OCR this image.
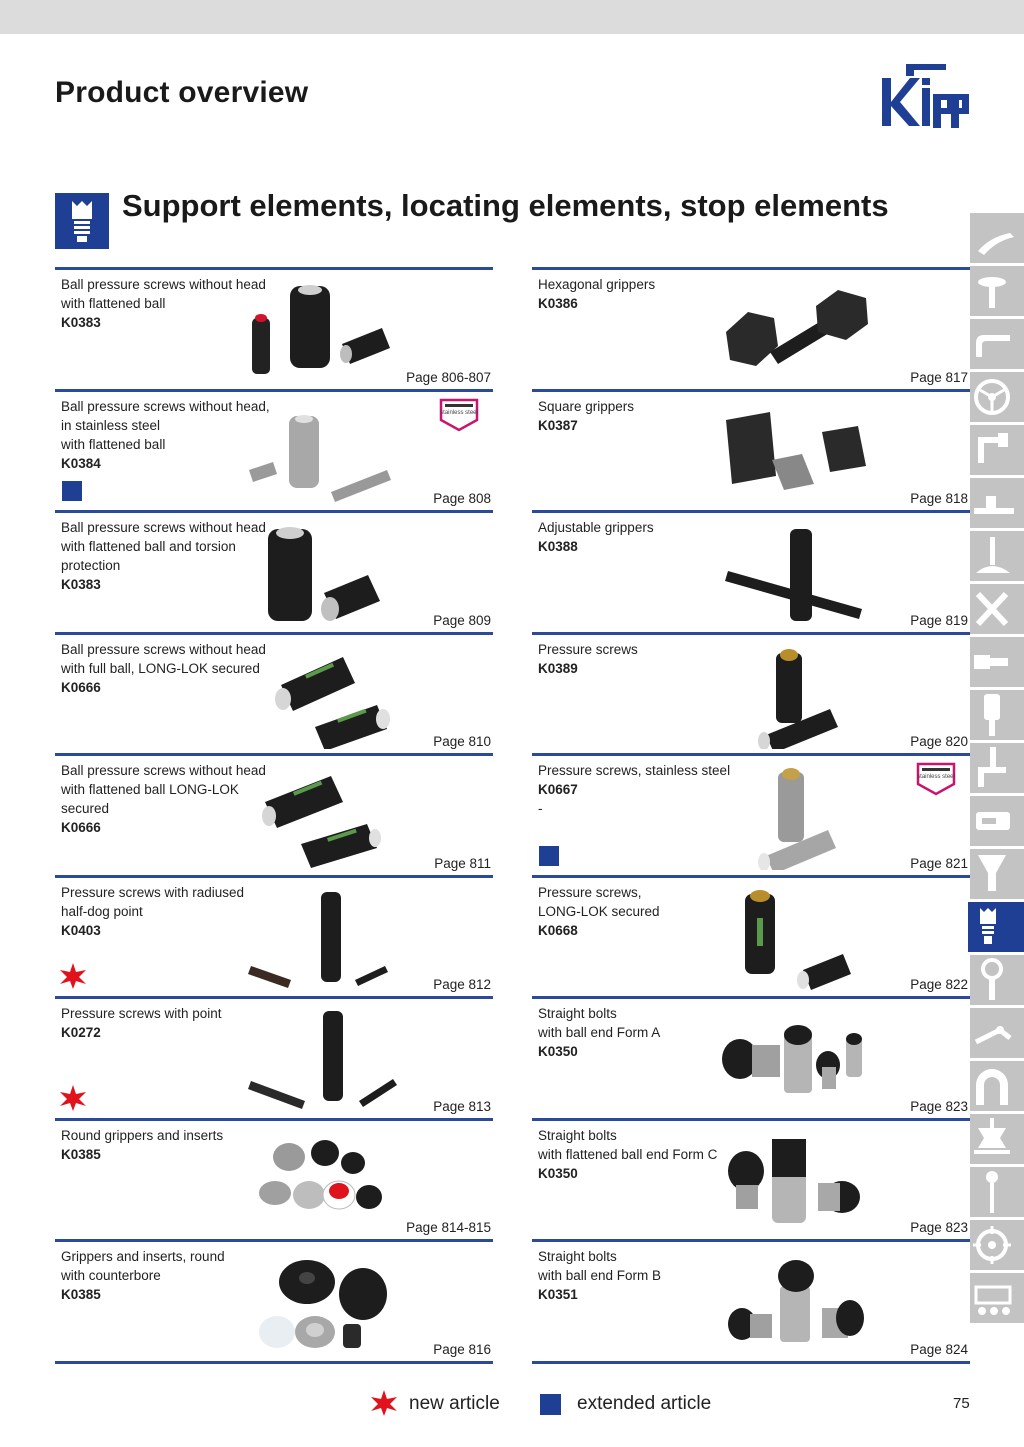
Product overview
Support elements, locating elements, stop elements
Ball pressure screws without head
with flattened ball
K0383
Page 806-807
Ball pressure screws without head,
in stainless steel
with flattened ball
K0384
stainless steel
Page 808
Ball pressure screws without head
with flattened ball and torsion
protection
K0383
Page 809
Ball pressure screws without head
with full ball, LONG-LOK secured
K0666
Page 810
Ball pressure screws without head
with flattened ball LONG-LOK
secured
K0666
Page 811
Pressure screws with radiused
half-dog point
K0403
Page 812
Pressure screws with point
K0272
Page 813
Round grippers and inserts
K0385
Page 814-815
Grippers and inserts, round
with counterbore
K0385
Page 816
Hexagonal grippers
K0386
Page 817
Square grippers
K0387
Page 818
Adjustable grippers
K0388
Page 819
Pressure screws
K0389
Page 820
Pressure screws, stainless steel
K0667
-
stainless steel
Page 821
Pressure screws,
LONG-LOK secured
K0668
Page 822
Straight bolts
with ball end Form A
K0350
Page 823
Straight bolts
with flattened ball end Form C
K0350
Page 823
Straight bolts
with ball end Form B
K0351
Page 824
new article	extended article	75
